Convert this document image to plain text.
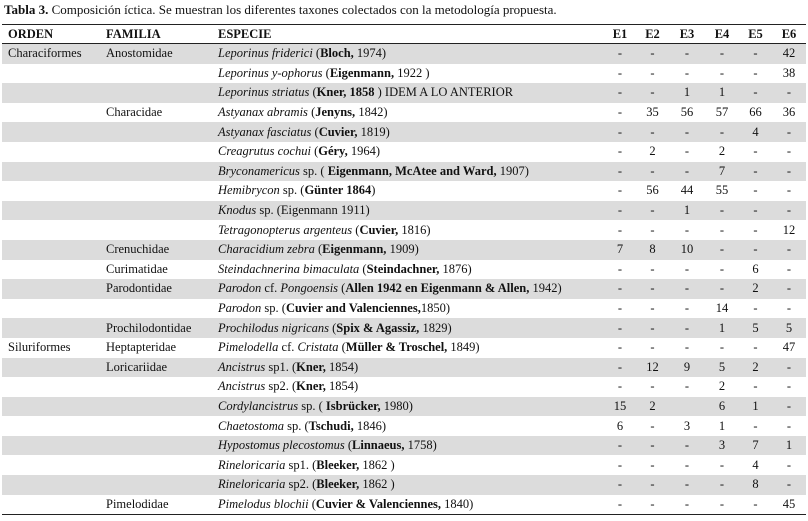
Tabla 3. Composición íctica. Se muestran los diferentes taxones colectados con la metodología propuesta.
ORDEN	FAMILIA	ESPECIE	E1	E2	E3	E4	E5	E6
Characiformes	Anostomidae	Leporinus friderici (Bloch, 1974)	-	-	-	-	-	42
		Leporinus y-ophorus (Eigenmann, 1922 )	-	-	-	-	-	38
		Leporinus striatus (Kner, 1858 ) IDEM A LO ANTERIOR	-	-	1	1	-	-
	Characidae	Astyanax abramis (Jenyns, 1842)	-	35	56	57	66	36
		Astyanax fasciatus (Cuvier, 1819)	-	-	-	-	4	-
		Creagrutus cochui (Géry, 1964)	-	2	-	2	-	-
		Bryconamericus sp. ( Eigenmann, McAtee and Ward, 1907)	-	-	-	7	-	-
		Hemibrycon sp. (Günter 1864)	-	56	44	55	-	-
		Knodus sp. (Eigenmann 1911)	-	-	1	-	-	-
		Tetragonopterus argenteus (Cuvier, 1816)	-	-	-	-	-	12
	Crenuchidae	Characidium zebra (Eigenmann, 1909)	7	8	10	-	-	-
	Curimatidae	Steindachnerina bimaculata (Steindachner, 1876)	-	-	-	-	6	-
	Parodontidae	Parodon cf. Pongoensis (Allen 1942 en Eigenmann & Allen, 1942)	-	-	-	-	2	-
		Parodon sp. (Cuvier and Valenciennes,1850)	-	-	-	14	-	-
	Prochilodontidae	Prochilodus nigricans (Spix & Agassiz, 1829)	-	-	-	1	5	5
Siluriformes	Heptapteridae	Pimelodella cf. Cristata (Müller & Troschel, 1849)	-	-	-	-	-	47
	Loricariidae	Ancistrus sp1. (Kner, 1854)	-	12	9	5	2	-
		Ancistrus sp2. (Kner, 1854)	-	-	-	2	-	-
		Cordylancistrus sp. ( Isbrücker, 1980)	15	2		6	1	-
		Chaetostoma sp. (Tschudi, 1846)	6	-	3	1	-	-
		Hypostomus plecostomus (Linnaeus, 1758)	-	-	-	3	7	1
		Rineloricaria sp1. (Bleeker, 1862 )	-	-	-	-	4	-
		Rineloricaria sp2. (Bleeker, 1862 )	-	-	-	-	8	-
	Pimelodidae	Pimelodus blochii (Cuvier & Valenciennes, 1840)	-	-	-	-	-	45
